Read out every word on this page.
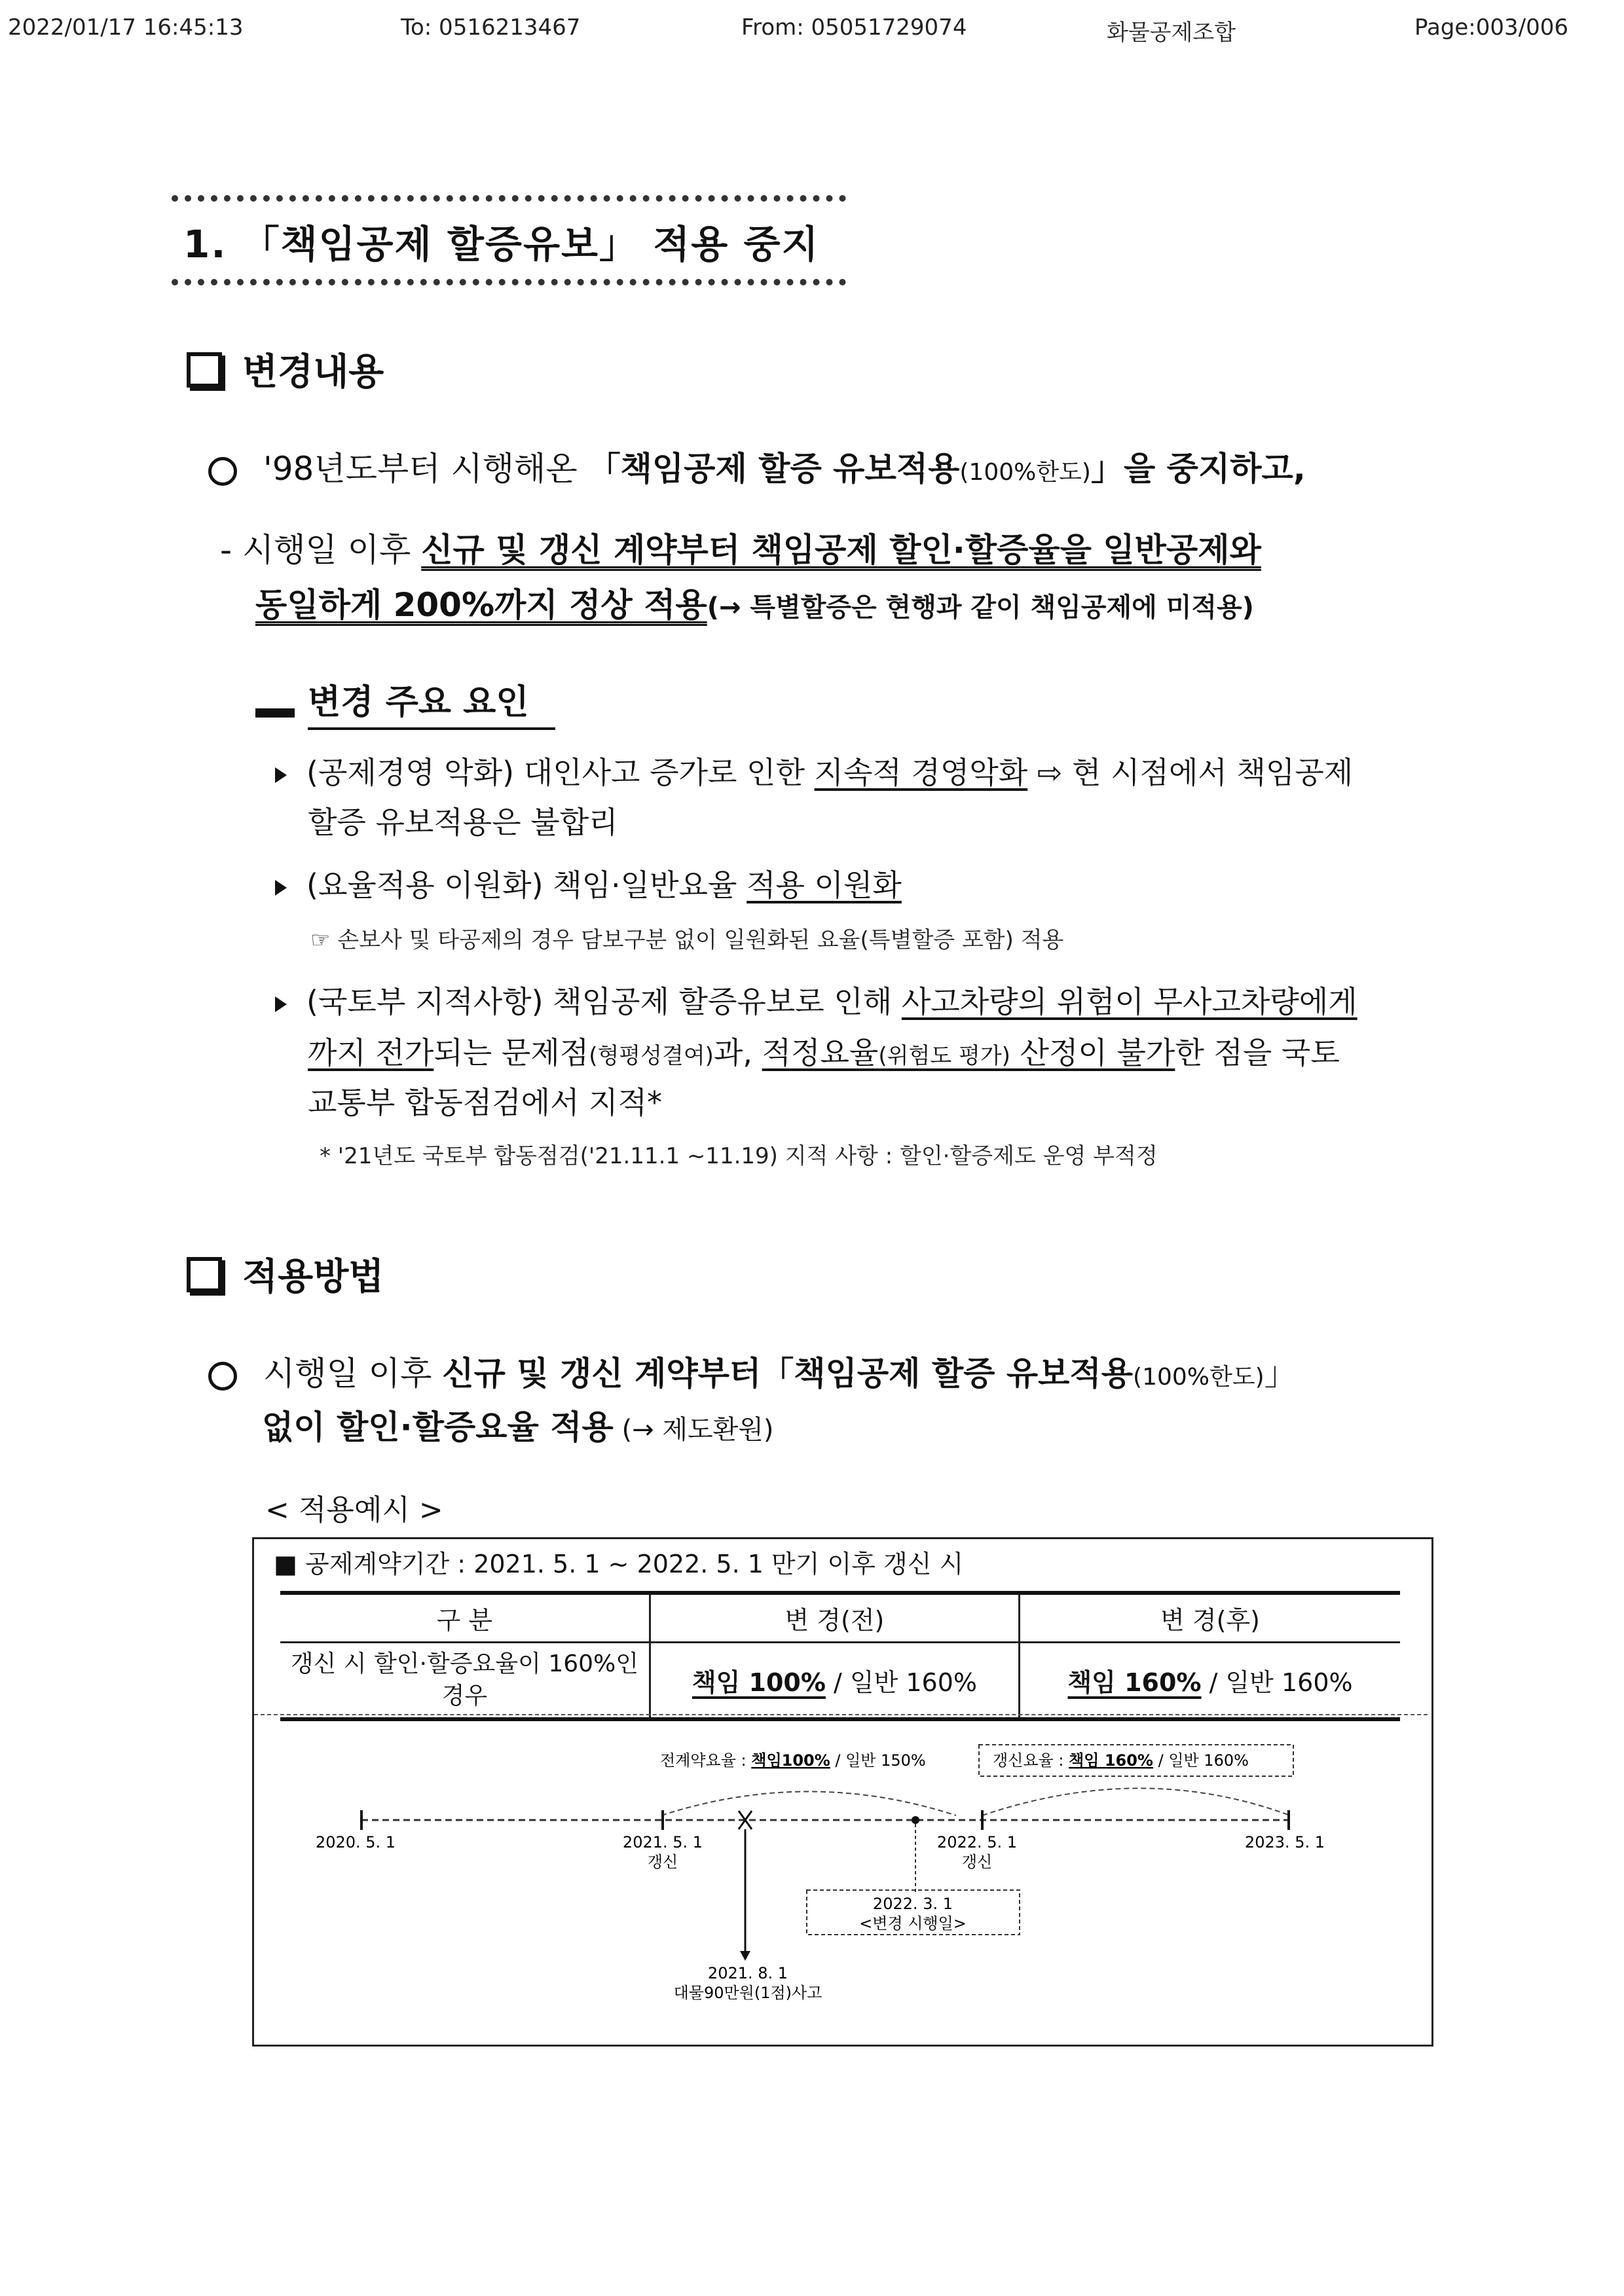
2022/01/17 16:45:13	To: 0516213467	From: 05051729074	화물공제조합	Page:003/006
1. 「책임공제 할증유보」 적용 중지
변경내용
'98년도부터 시행해온 「책임공제 할증 유보적용(100%한도)」을 중지하고,
- 시행일 이후 신규 및 갱신 계약부터 책임공제 할인·할증율을 일반공제와
동일하게 200%까지 정상 적용(→ 특별할증은 현행과 같이 책임공제에 미적용)
변경 주요 요인
(공제경영 악화) 대인사고 증가로 인한 지속적 경영악화 ⇨ 현 시점에서 책임공제
할증 유보적용은 불합리
(요율적용 이원화) 책임·일반요율 적용 이원화
☞ 손보사 및 타공제의 경우 담보구분 없이 일원화된 요율(특별할증 포함) 적용
(국토부 지적사항) 책임공제 할증유보로 인해 사고차량의 위험이 무사고차량에게
까지 전가되는 문제점(형평성결여)과, 적정요율(위험도 평가) 산정이 불가한 점을 국토
교통부 합동점검에서 지적*
* '21년도 국토부 합동점검('21.11.1 ~11.19) 지적 사항 : 할인·할증제도 운영 부적정
적용방법
시행일 이후 신규 및 갱신 계약부터「책임공제 할증 유보적용(100%한도)」
없이 할인·할증요율 적용 (→ 제도환원)
< 적용예시 >
■ 공제계약기간 : 2021. 5. 1 ~ 2022. 5. 1 만기 이후 갱신 시
구 분	변 경(전)	변 경(후)
갱신 시 할인·할증요율이 160%인 경우	책임 100% / 일반 160%	책임 160% / 일반 160%
전계약요율 : 책임100% / 일반 150%	갱신요율 : 책임 160% / 일반 160%
2020. 5. 1	2021. 5. 1
갱신
2022. 5. 1
갱신
2023. 5. 1
2022. 3. 1
<변경 시행일>
2021. 8. 1
대물90만원(1점)사고
